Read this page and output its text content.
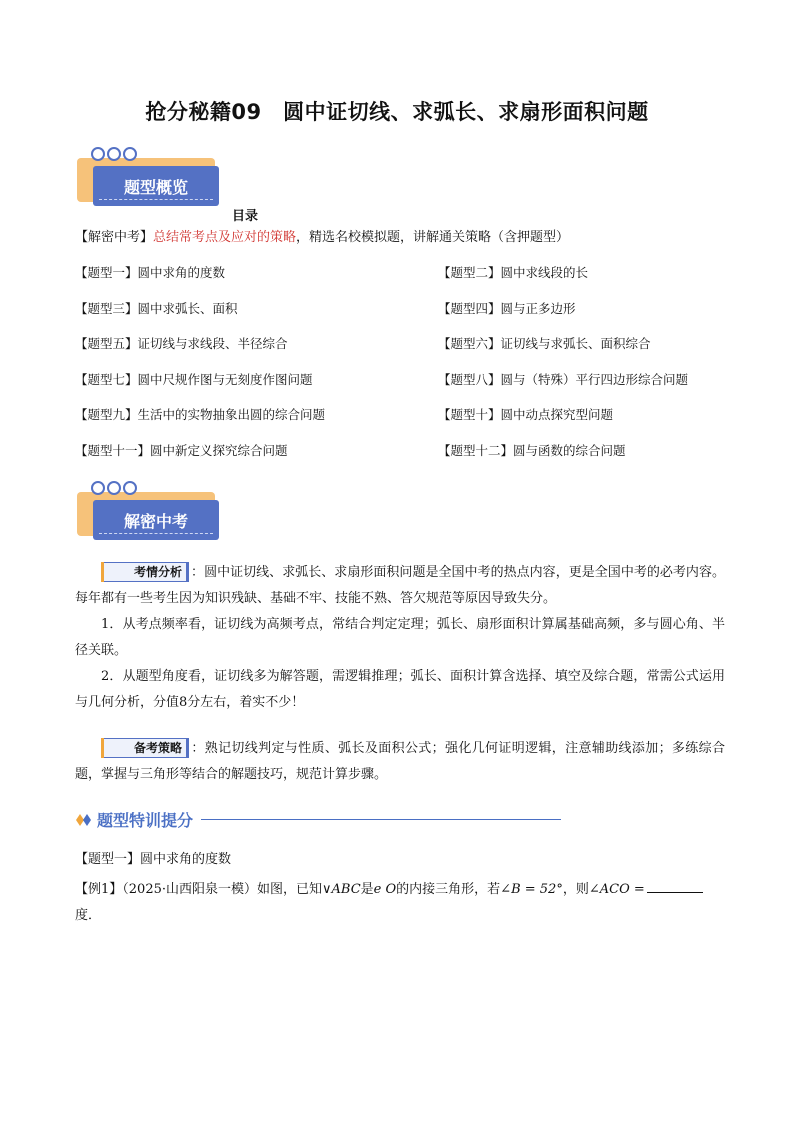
抢分秘籍09　圆中证切线、求弧长、求扇形面积问题
题型概览
目录
【解密中考】总结常考点及应对的策略，精选名校模拟题，讲解通关策略（含押题型）
【题型一】圆中求角的度数	【题型二】圆中求线段的长
【题型三】圆中求弧长、面积	【题型四】圆与正多边形
【题型五】证切线与求线段、半径综合	【题型六】证切线与求弧长、面积综合
【题型七】圆中尺规作图与无刻度作图问题	【题型八】圆与（特殊）平行四边形综合问题
【题型九】生活中的实物抽象出圆的综合问题	【题型十】圆中动点探究型问题
【题型十一】圆中新定义探究综合问题	【题型十二】圆与函数的综合问题
解密中考
考情分析 ：圆中证切线、求弧长、求扇形面积问题是全国中考的热点内容，更是全国中考的必考内容。每年都有一些考生因为知识残缺、基础不牢、技能不熟、答欠规范等原因导致失分。
1．从考点频率看，证切线为高频考点，常结合判定定理；弧长、扇形面积计算属基础高频，多与圆心角、半径关联。
2．从题型角度看，证切线多为解答题，需逻辑推理；弧长、面积计算含选择、填空及综合题，常需公式运用与几何分析，分值8分左右，着实不少！
备考策略 ：熟记切线判定与性质、弧长及面积公式；强化几何证明逻辑，注意辅助线添加；多练综合题，掌握与三角形等结合的解题技巧，规范计算步骤。
题型特训提分
【题型一】圆中求角的度数
【例1】（2025·山西阳泉一模）如图，已知∨ABC是e O的内接三角形，若∠B = 52°，则∠ACO =
度．
